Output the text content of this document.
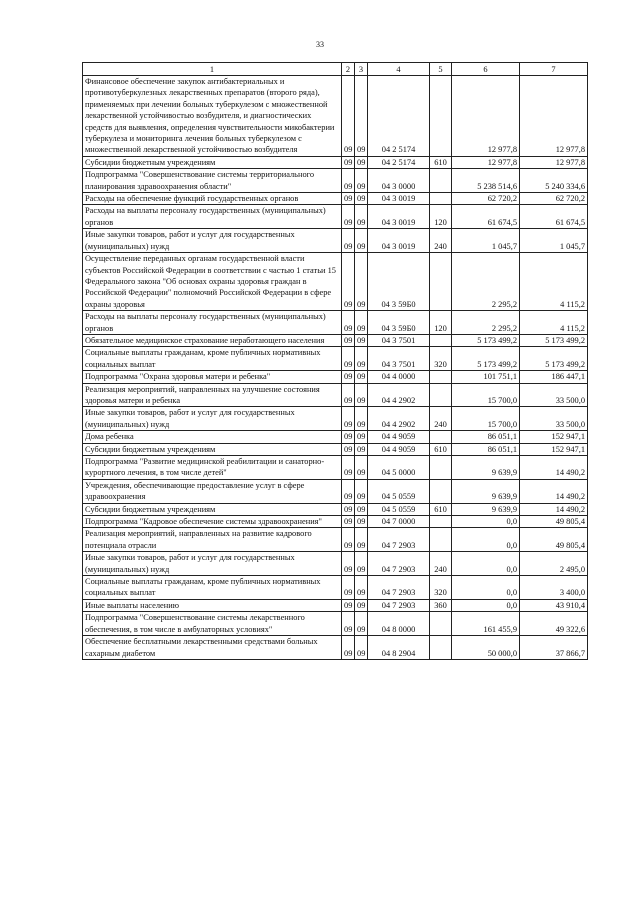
33
1	2	3	4	5	6	7
Финансовое обеспечение закупок антибактериальных и противотуберкулезных лекарственных препаратов (второго ряда), применяемых при лечении больных туберкулезом с множественной лекарственной устойчивостью возбудителя, и диагностических средств для выявления, определения чувствительности микобактерии туберкулеза и мониторинга лечения больных туберкулезом с множественной лекарственной устойчивостью возбудителя	09	09	04 2 5174		12 977,8	12 977,8
Субсидии бюджетным учреждениям	09	09	04 2 5174	610	12 977,8	12 977,8
Подпрограмма "Совершенствование системы территориального планирования здравоохранения области"	09	09	04 3 0000		5 238 514,6	5 240 334,6
Расходы на обеспечение функций государственных органов	09	09	04 3 0019		62 720,2	62 720,2
Расходы на выплаты персоналу государственных (муниципальных) органов	09	09	04 3 0019	120	61 674,5	61 674,5
Иные закупки товаров, работ и услуг для государственных (муниципальных) нужд	09	09	04 3 0019	240	1 045,7	1 045,7
Осуществление переданных органам государственной власти субъектов Российской Федерации в соответствии с частью 1 статьи 15 Федерального закона "Об основах охраны здоровья граждан в Российской Федерации" полномочий Российской Федерации в сфере охраны здоровья	09	09	04 3 59Б0		2 295,2	4 115,2
Расходы на выплаты персоналу государственных (муниципальных) органов	09	09	04 3 59Б0	120	2 295,2	4 115,2
Обязательное медицинское страхование неработающего населения	09	09	04 3 7501		5 173 499,2	5 173 499,2
Социальные выплаты гражданам, кроме публичных нормативных социальных выплат	09	09	04 3 7501	320	5 173 499,2	5 173 499,2
Подпрограмма "Охрана здоровья матери и ребенка"	09	09	04 4 0000		101 751,1	186 447,1
Реализация мероприятий, направленных на улучшение состояния здоровья матери и ребенка	09	09	04 4 2902		15 700,0	33 500,0
Иные закупки товаров, работ и услуг для государственных (муниципальных) нужд	09	09	04 4 2902	240	15 700,0	33 500,0
Дома ребенка	09	09	04 4 9059		86 051,1	152 947,1
Субсидии бюджетным учреждениям	09	09	04 4 9059	610	86 051,1	152 947,1
Подпрограмма "Развитие медицинской реабилитации и санаторно-курортного лечения, в том числе детей"	09	09	04 5 0000		9 639,9	14 490,2
Учреждения, обеспечивающие предоставление услуг в сфере здравоохранения	09	09	04 5 0559		9 639,9	14 490,2
Субсидии бюджетным учреждениям	09	09	04 5 0559	610	9 639,9	14 490,2
Подпрограмма "Кадровое обеспечение системы здравоохранения"	09	09	04 7 0000		0,0	49 805,4
Реализация мероприятий, направленных на развитие кадрового потенциала отрасли	09	09	04 7 2903		0,0	49 805,4
Иные закупки товаров, работ и услуг для государственных (муниципальных) нужд	09	09	04 7 2903	240	0,0	2 495,0
Социальные выплаты гражданам, кроме публичных нормативных социальных выплат	09	09	04 7 2903	320	0,0	3 400,0
Иные выплаты населению	09	09	04 7 2903	360	0,0	43 910,4
Подпрограмма "Совершенствование системы лекарственного обеспечения, в том числе в амбулаторных условиях"	09	09	04 8 0000		161 455,9	49 322,6
Обеспечение бесплатными лекарственными средствами больных сахарным диабетом	09	09	04 8 2904		50 000,0	37 866,7
